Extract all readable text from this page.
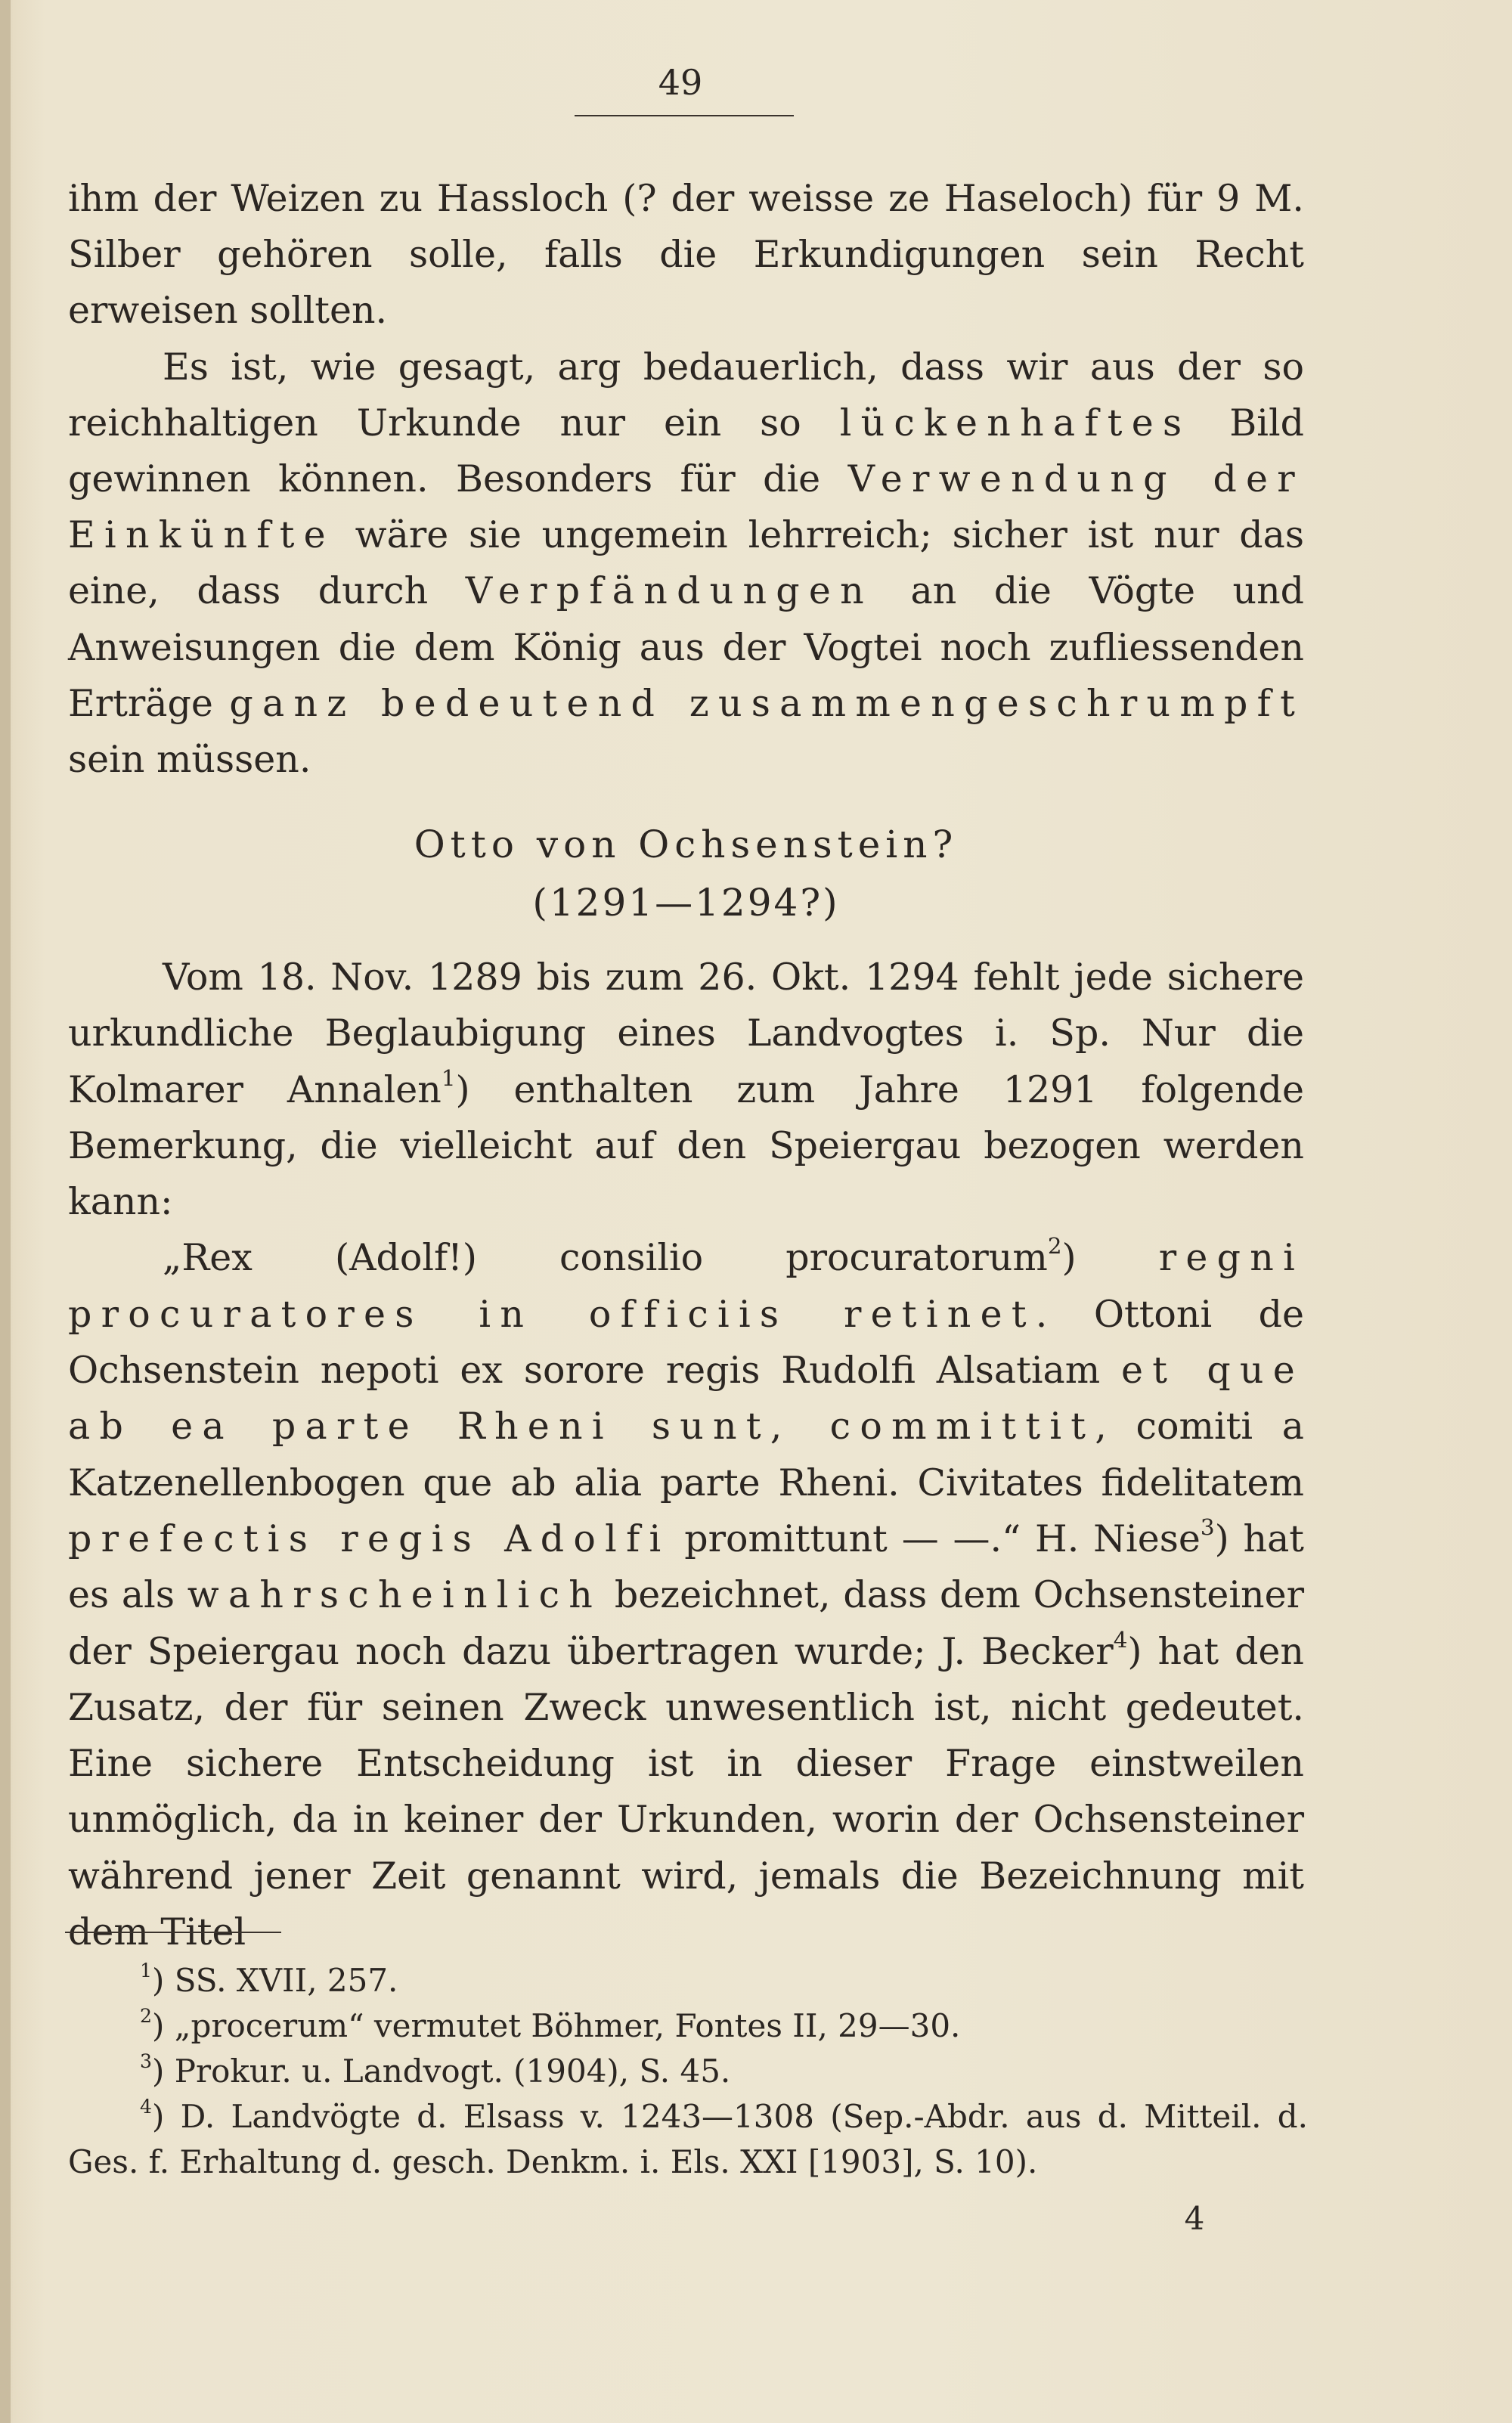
49

ihm der Weizen zu Hassloch (? der weisse ze Haseloch) für 9 M. Silber gehören solle, falls die Erkundigungen sein Recht erweisen sollten.

Es ist, wie gesagt, arg bedauerlich, dass wir aus der so reichhaltigen Urkunde nur ein so lückenhaftes Bild gewinnen können. Besonders für die Verwendung der Einkünfte wäre sie ungemein lehrreich; sicher ist nur das eine, dass durch Verpfändungen an die Vögte und Anweisungen die dem König aus der Vogtei noch zufliessenden Erträge ganz bedeutend zusammengeschrumpft sein müssen.

Otto von Ochsenstein?
(1291—1294?)

Vom 18. Nov. 1289 bis zum 26. Okt. 1294 fehlt jede sichere urkundliche Beglaubigung eines Landvogtes i. Sp. Nur die Kolmarer Annalen$^1$) enthalten zum Jahre 1291 folgende Bemerkung, die vielleicht auf den Speiergau bezogen werden kann:

„Rex (Adolf!) consilio procuratorum$^2$) regni procuratores in officiis retinet. Ottoni de Ochsenstein nepoti ex sorore regis Rudolfi Alsatiam et que ab ea parte Rheni sunt, committit, comiti a Katzenellenbogen que ab alia parte Rheni. Civitates fidelitatem prefectis regis Adolfi promittunt — —.“ H. Niese$^3$) hat es als wahrscheinlich bezeichnet, dass dem Ochsensteiner der Speiergau noch dazu übertragen wurde; J. Becker$^4$) hat den Zusatz, der für seinen Zweck unwesentlich ist, nicht gedeutet. Eine sichere Entscheidung ist in dieser Frage einstweilen unmöglich, da in keiner der Urkunden, worin der Ochsensteiner während jener Zeit genannt wird, jemals die Bezeichnung mit dem Titel

$^1$) SS. XVII, 257.
$^2$) „procerum“ vermutet Böhmer, Fontes II, 29—30.
$^3$) Prokur. u. Landvogt. (1904), S. 45.
$^4$) D. Landvögte d. Elsass v. 1243—1308 (Sep.-Abdr. aus d. Mitteil. d. Ges. f. Erhaltung d. gesch. Denkm. i. Els. XXI [1903], S. 10).
4
